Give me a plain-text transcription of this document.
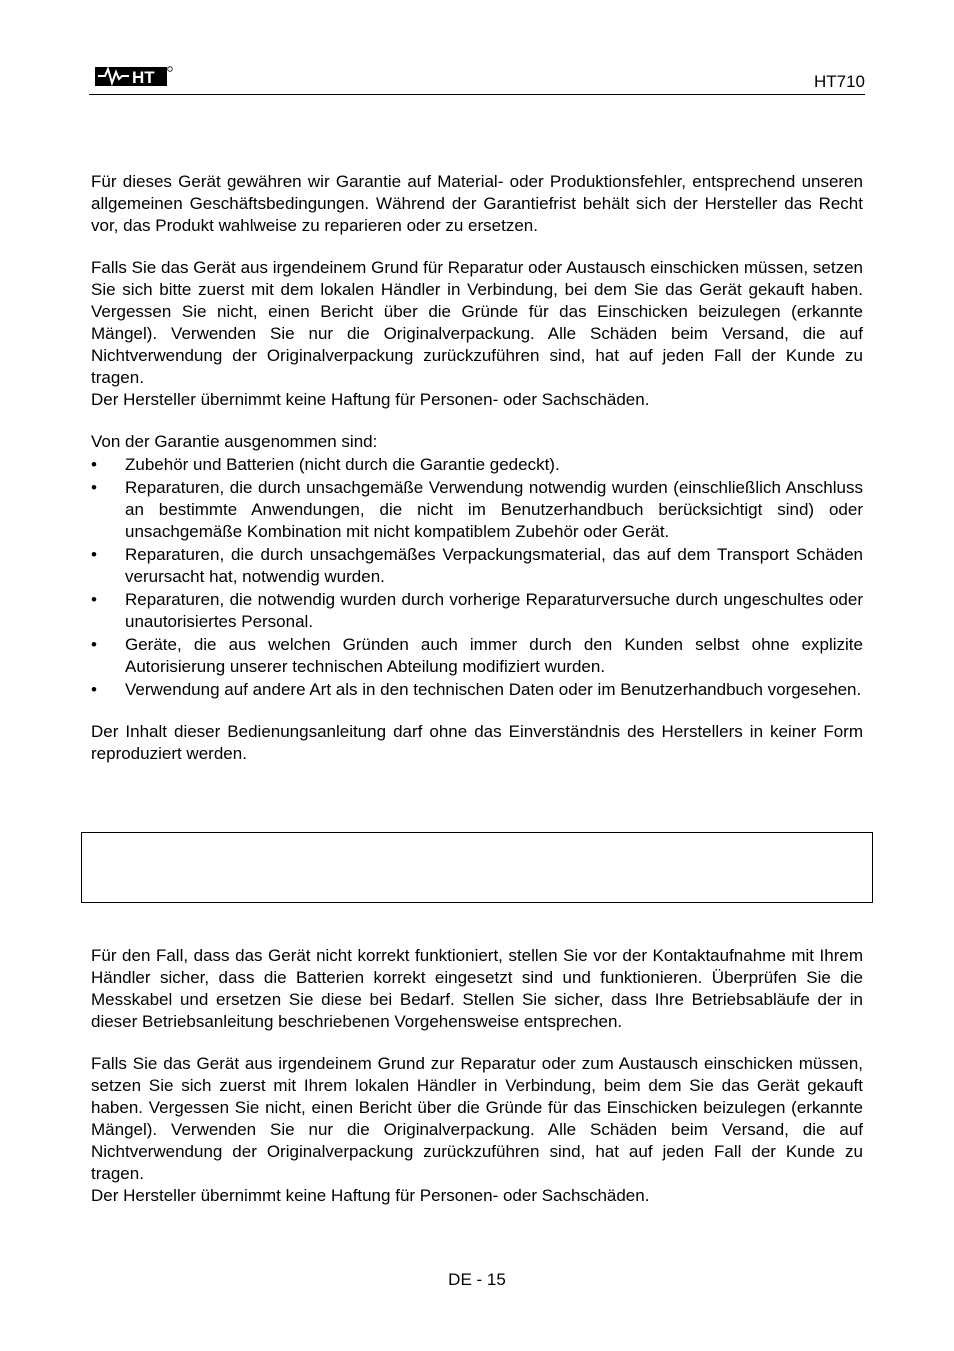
HT	HT710

Für dieses Gerät gewähren wir Garantie auf Material- oder Produktionsfehler, entsprechend unseren allgemeinen Geschäftsbedingungen. Während der Garantiefrist behält sich der Hersteller das Recht vor, das Produkt wahlweise zu reparieren oder zu ersetzen.

Falls Sie das Gerät aus irgendeinem Grund für Reparatur oder Austausch einschicken müssen, setzen Sie sich bitte zuerst mit dem lokalen Händler in Verbindung, bei dem Sie das Gerät gekauft haben. Vergessen Sie nicht, einen Bericht über die Gründe für das Einschicken beizulegen (erkannte Mängel). Verwenden Sie nur die Originalverpackung. Alle Schäden beim Versand, die auf Nichtverwendung der Originalverpackung zurückzuführen sind, hat auf jeden Fall der Kunde zu tragen.

Der Hersteller übernimmt keine Haftung für Personen- oder Sachschäden.

Von der Garantie ausgenommen sind:

•	Zubehör und Batterien (nicht durch die Garantie gedeckt).
•	Reparaturen, die durch unsachgemäße Verwendung notwendig wurden (einschließlich Anschluss an bestimmte Anwendungen, die nicht im Benutzerhandbuch berücksichtigt sind) oder unsachgemäße Kombination mit nicht kompatiblem Zubehör oder Gerät.
•	Reparaturen, die durch unsachgemäßes Verpackungsmaterial, das auf dem Transport Schäden verursacht hat, notwendig wurden.
•	Reparaturen, die notwendig wurden durch vorherige Reparaturversuche durch ungeschultes oder unautorisiertes Personal.
•	Geräte, die aus welchen Gründen auch immer durch den Kunden selbst ohne explizite Autorisierung unserer technischen Abteilung modifiziert wurden.
•	Verwendung auf andere Art als in den technischen Daten oder im Benutzerhandbuch vorgesehen.

Der Inhalt dieser Bedienungsanleitung darf ohne das Einverständnis des Herstellers in keiner Form reproduziert werden.

Für den Fall, dass das Gerät nicht korrekt funktioniert, stellen Sie vor der Kontaktaufnahme mit Ihrem Händler sicher, dass die Batterien korrekt eingesetzt sind und funktionieren. Überprüfen Sie die Messkabel und ersetzen Sie diese bei Bedarf. Stellen Sie sicher, dass Ihre Betriebsabläufe der in dieser Betriebsanleitung beschriebenen Vorgehensweise entsprechen.

Falls Sie das Gerät aus irgendeinem Grund zur Reparatur oder zum Austausch einschicken müssen, setzen Sie sich zuerst mit Ihrem lokalen Händler in Verbindung, beim dem Sie das Gerät gekauft haben. Vergessen Sie nicht, einen Bericht über die Gründe für das Einschicken beizulegen (erkannte Mängel). Verwenden Sie nur die Originalverpackung. Alle Schäden beim Versand, die auf Nichtverwendung der Originalverpackung zurückzuführen sind, hat auf jeden Fall der Kunde zu tragen.

Der Hersteller übernimmt keine Haftung für Personen- oder Sachschäden.

DE - 15
